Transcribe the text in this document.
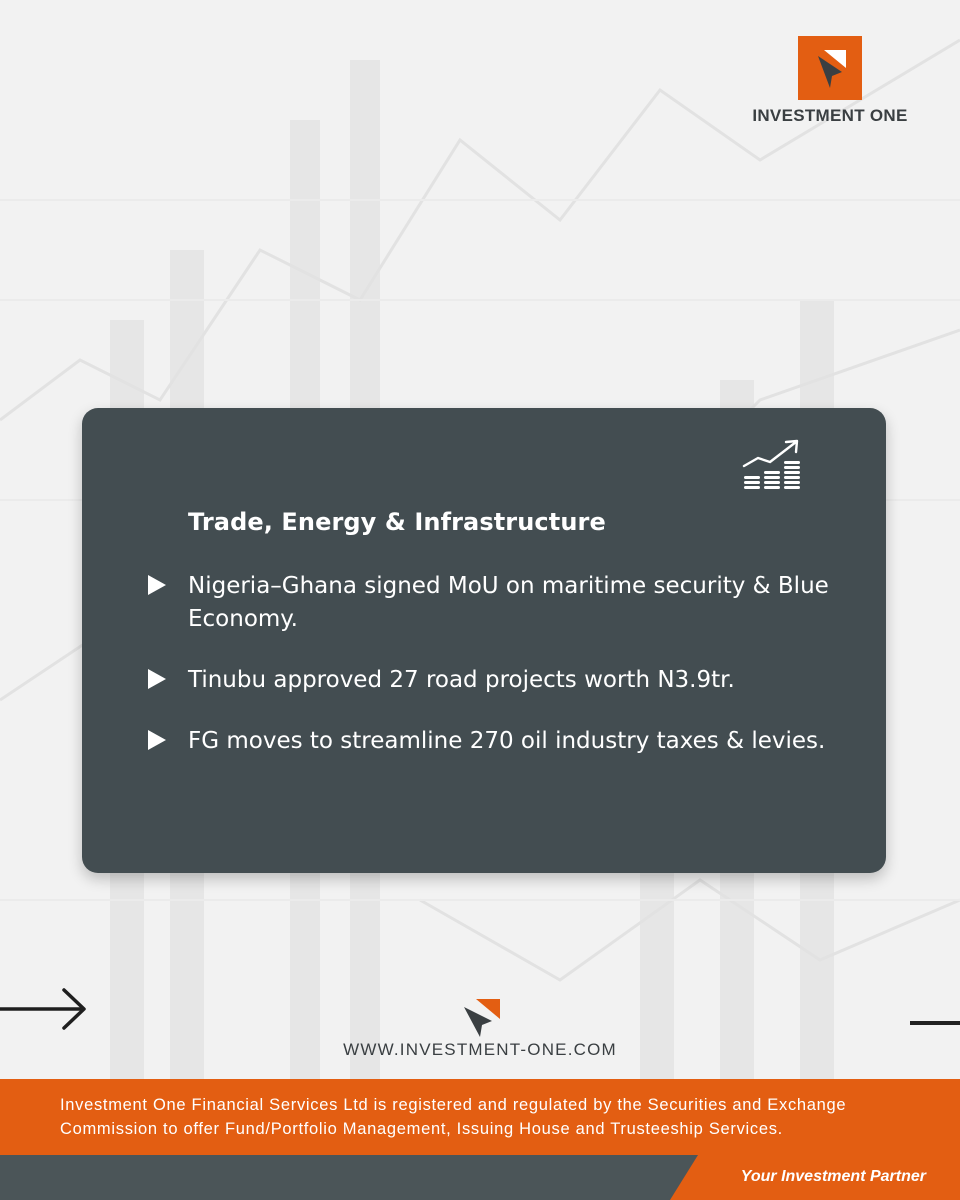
INVESTMENT ONE
Trade, Energy & Infrastructure
Nigeria–Ghana signed MoU on maritime security & Blue Economy.
Tinubu approved 27 road projects worth N3.9tr.
FG moves to streamline 270 oil industry taxes & levies.
WWW.INVESTMENT-ONE.COM

Investment One Financial Services Ltd is registered and regulated by the Securities and Exchange Commission to offer Fund/Portfolio Management, Issuing House and Trusteeship Services.

Your Investment Partner
